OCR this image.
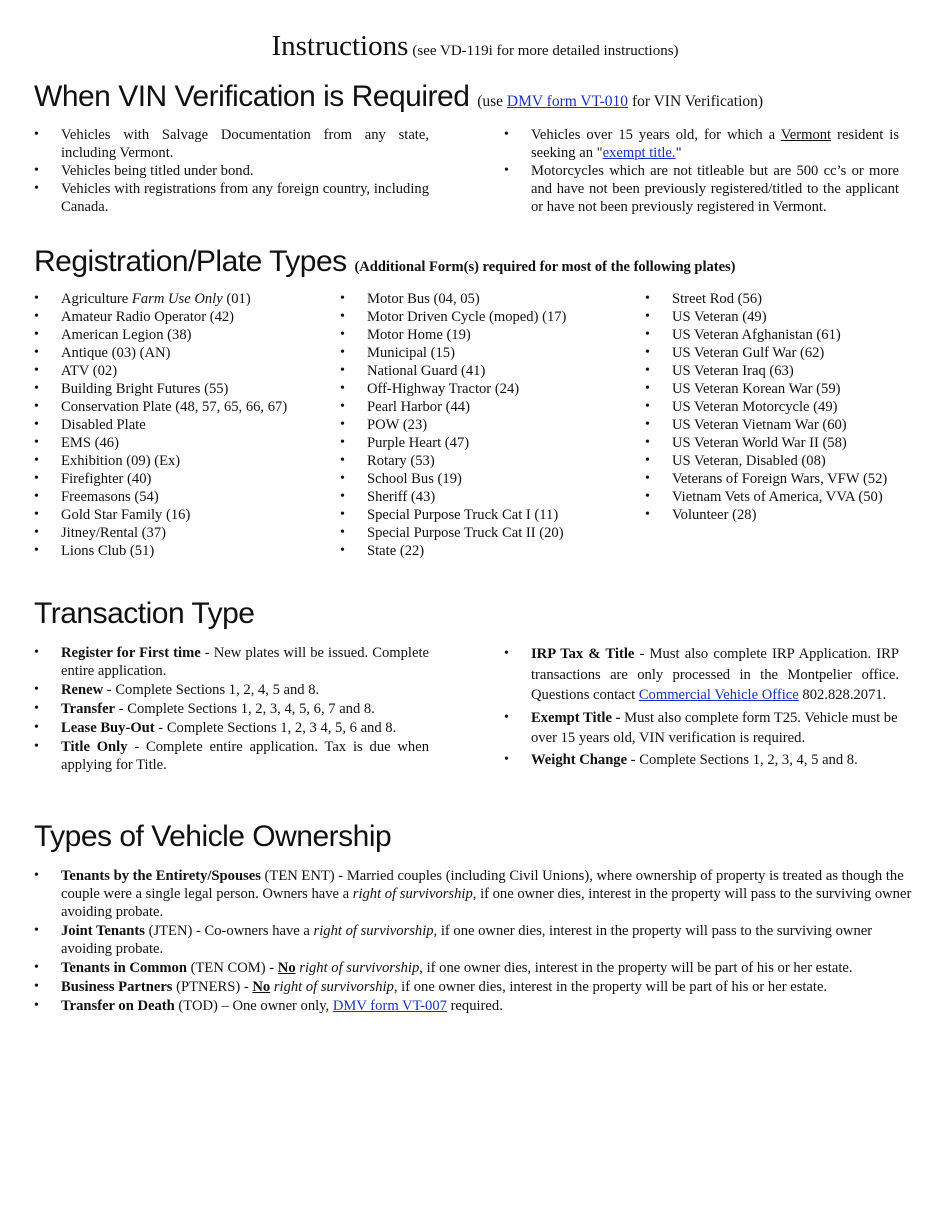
Instructions (see VD-119i for more detailed instructions)
When VIN Verification is Required (use DMV form VT-010 for VIN Verification)
• Vehicles with Salvage Documentation from any state, including Vermont.
• Vehicles being titled under bond.
• Vehicles with registrations from any foreign country, including Canada.
• Vehicles over 15 years old, for which a Vermont resident is seeking an "exempt title."
• Motorcycles which are not titleable but are 500 cc’s or more and have not been previously registered/titled to the applicant or have not been previously registered in Vermont.
Registration/Plate Types (Additional Form(s) required for most of the following plates)
• Agriculture Farm Use Only (01)
• Amateur Radio Operator (42)
• American Legion (38)
• Antique (03) (AN)
• ATV (02)
• Building Bright Futures (55)
• Conservation Plate (48, 57, 65, 66, 67)
• Disabled Plate
• EMS (46)
• Exhibition (09) (Ex)
• Firefighter (40)
• Freemasons (54)
• Gold Star Family (16)
• Jitney/Rental (37)
• Lions Club (51)
• Motor Bus (04, 05)
• Motor Driven Cycle (moped) (17)
• Motor Home (19)
• Municipal (15)
• National Guard (41)
• Off-Highway Tractor (24)
• Pearl Harbor (44)
• POW (23)
• Purple Heart (47)
• Rotary (53)
• School Bus (19)
• Sheriff (43)
• Special Purpose Truck Cat I (11)
• Special Purpose Truck Cat II (20)
• State (22)
• Street Rod (56)
• US Veteran (49)
• US Veteran Afghanistan (61)
• US Veteran Gulf War (62)
• US Veteran Iraq (63)
• US Veteran Korean War (59)
• US Veteran Motorcycle (49)
• US Veteran Vietnam War (60)
• US Veteran World War II (58)
• US Veteran, Disabled (08)
• Veterans of Foreign Wars, VFW (52)
• Vietnam Vets of America, VVA (50)
• Volunteer (28)
Transaction Type
• Register for First time - New plates will be issued. Complete entire application.
• Renew - Complete Sections 1, 2, 4, 5 and 8.
• Transfer - Complete Sections 1, 2, 3, 4, 5, 6, 7 and 8.
• Lease Buy-Out - Complete Sections 1, 2, 3 4, 5, 6 and 8.
• Title Only - Complete entire application. Tax is due when applying for Title.
• IRP Tax & Title - Must also complete IRP Application. IRP transactions are only processed in the Montpelier office. Questions contact Commercial Vehicle Office 802.828.2071.
• Exempt Title - Must also complete form T25. Vehicle must be over 15 years old, VIN verification is required.
• Weight Change - Complete Sections 1, 2, 3, 4, 5 and 8.
Types of Vehicle Ownership
• Tenants by the Entirety/Spouses (TEN ENT) - Married couples (including Civil Unions), where ownership of property is treated as though the couple were a single legal person. Owners have a right of survivorship, if one owner dies, interest in the property will pass to the surviving owner avoiding probate.
• Joint Tenants (JTEN) - Co-owners have a right of survivorship, if one owner dies, interest in the property will pass to the surviving owner avoiding probate.
• Tenants in Common (TEN COM) - No right of survivorship, if one owner dies, interest in the property will be part of his or her estate.
• Business Partners (PTNERS) - No right of survivorship, if one owner dies, interest in the property will be part of his or her estate.
• Transfer on Death (TOD) – One owner only, DMV form VT-007 required.
